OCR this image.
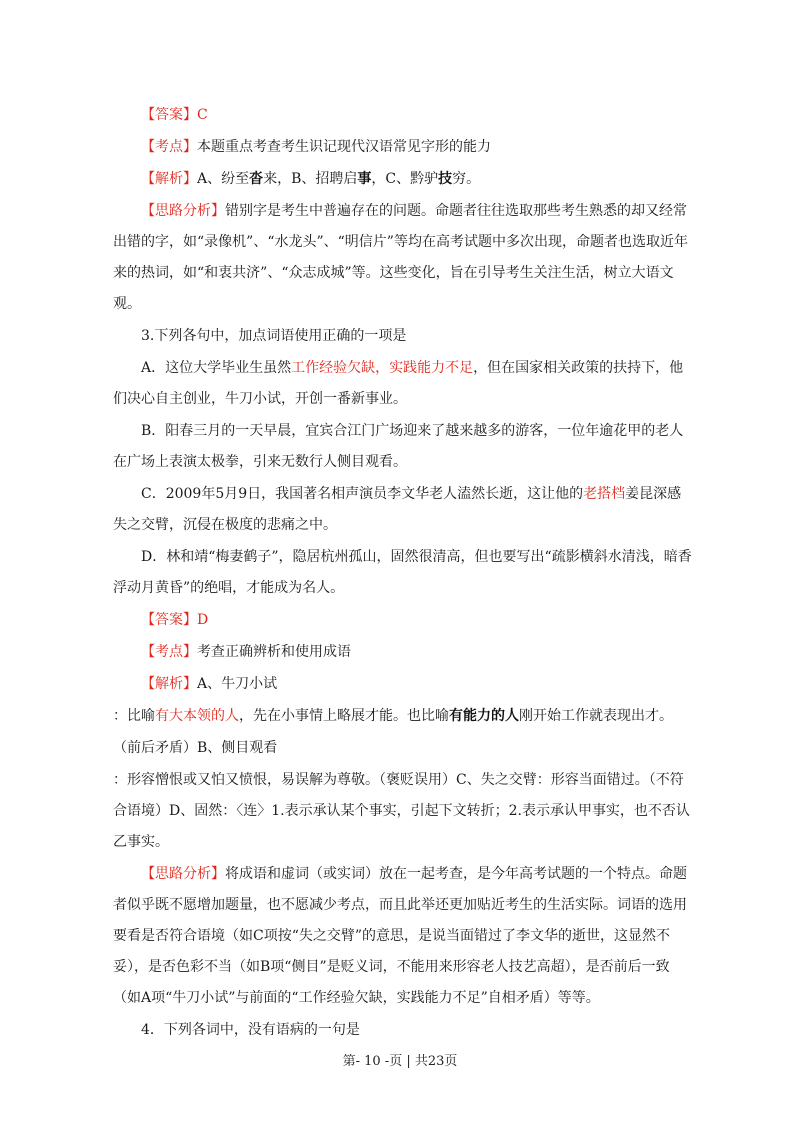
【答案】C

【考点】本题重点考查考生识记现代汉语常见字形的能力

【解析】A、纷至沓来，B、招聘启事，C、黔驴技穷。

【思路分析】错别字是考生中普遍存在的问题。命题者往往选取那些考生熟悉的却又经常出错的字，如“录像机”、“水龙头”、“明信片”等均在高考试题中多次出现，命题者也选取近年来的热词，如“和衷共济”、“众志成城”等。这些变化，旨在引导考生关注生活，树立大语文观。

3.下列各句中，加点词语使用正确的一项是

A．这位大学毕业生虽然工作经验欠缺，实践能力不足，但在国家相关政策的扶持下，他们决心自主创业，牛刀小试，开创一番新事业。

B．阳春三月的一天早晨，宜宾合江门广场迎来了越来越多的游客，一位年逾花甲的老人在广场上表演太极拳，引来无数行人侧目观看。

C．2009年5月9日，我国著名相声演员李文华老人溘然长逝，这让他的老搭档姜昆深感失之交臂，沉侵在极度的悲痛之中。

D．林和靖“梅妻鹤子”，隐居杭州孤山，固然很清高，但也要写出“疏影横斜水清浅，暗香浮动月黄昏”的绝唱，才能成为名人。

【答案】D

【考点】考查正确辨析和使用成语

【解析】A、牛刀小试

：比喻有大本领的人，先在小事情上略展才能。也比喻有能力的人刚开始工作就表现出才。

（前后矛盾）B、侧目观看

：形容憎恨或又怕又愤恨，易误解为尊敬。（褒贬误用）C、失之交臂：形容当面错过。（不符合语境）D、固然：〈连〉1.表示承认某个事实，引起下文转折；2.表示承认甲事实，也不否认乙事实。

【思路分析】将成语和虚词（或实词）放在一起考查，是今年高考试题的一个特点。命题者似乎既不愿增加题量，也不愿减少考点，而且此举还更加贴近考生的生活实际。词语的选用要看是否符合语境（如C项按“失之交臂”的意思，是说当面错过了李文华的逝世，这显然不妥），是否色彩不当（如B项“侧目”是贬义词，不能用来形容老人技艺高超），是否前后一致（如A项“牛刀小试”与前面的“工作经验欠缺，实践能力不足”自相矛盾）等等。

4．下列各词中，没有语病的一句是

第- 10 -页 | 共23页
